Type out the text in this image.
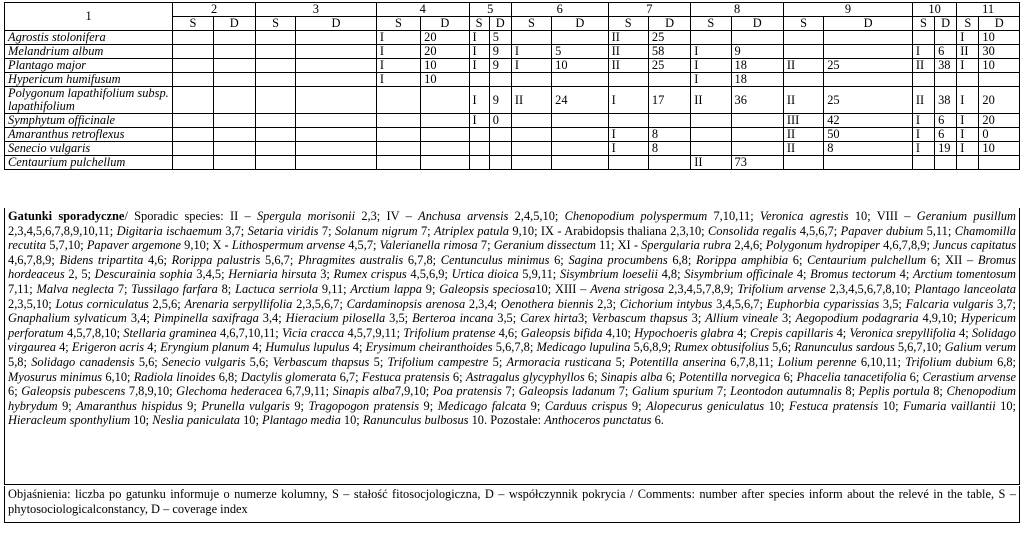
1	2		3		4		5		6		7		8		9		10		11	
	S	D	S	D	S	D	S	D	S	D	S	D	S	D	S	D	S	D	S	D
Agrostis stolonifera					I	20	I	5			II	25							I	10
Melandrium album					I	20	I	9	I	5	II	58	I	9			I	6	II	30
Plantago major					I	10	I	9	I	10	II	25	I	18	II	25	II	38	I	10
Hypericum humifusum					I	10							I	18						
Polygonum lapathifolium subsp. lapathifolium							I	9	II	24	I	17	II	36	II	25	II	38	I	20
Symphytum officinale							I	0							III	42	I	6	I	20
Amaranthus retroflexus											I	8			II	50	I	6	I	0
Senecio vulgaris											I	8			II	8	I	19	I	10
Centaurium pulchellum													II	73						
Gatunki sporadyczne/ Sporadic species: II – Spergula morisonii 2,3; IV – Anchusa arvensis 2,4,5,10; Chenopodium polyspermum 7,10,11; Veronica agrestis 10; VIII – Geranium pusillum 2,3,4,5,6,7,8,9,10,11; Digitaria ischaemum 3,7; Setaria viridis 7; Solanum nigrum 7; Atriplex patula 9,10; IX - Arabidopsis thaliana 2,3,10; Consolida regalis 4,5,6,7; Papaver dubium 5,11; Chamomilla recutita 5,7,10; Papaver argemone 9,10; X - Lithospermum arvense 4,5,7; Valerianella rimosa 7; Geranium dissectum 11; XI - Spergularia rubra 2,4,6; Polygonum hydropiper 4,6,7,8,9; Juncus capitatus 4,6,7,8,9; Bidens tripartita 4,6; Rorippa palustris 5,6,7; Phragmites australis 6,7,8; Centunculus minimus 6; Sagina procumbens 6,8; Rorippa amphibia 6; Centaurium pulchellum 6; XII – Bromus hordeaceus 2, 5; Descurainia sophia 3,4,5; Herniaria hirsuta 3; Rumex crispus 4,5,6,9; Urtica dioica 5,9,11; Sisymbrium loeselii 4,8; Sisymbrium officinale 4; Bromus tectorum 4; Arctium tomentosum 7,11; Malva neglecta 7; Tussilago farfara 8; Lactuca serriola 9,11; Arctium lappa 9; Galeopsis speciosa10; XIII – Avena strigosa 2,3,4,5,7,8,9; Trifolium arvense 2,3,4,5,6,7,8,10; Plantago lanceolata 2,3,5,10; Lotus corniculatus 2,5,6; Arenaria serpyllifolia 2,3,5,6,7; Cardaminopsis arenosa 2,3,4; Oenothera biennis 2,3; Cichorium intybus 3,4,5,6,7; Euphorbia cyparissias 3,5; Falcaria vulgaris 3,7; Gnaphalium sylvaticum 3,4; Pimpinella saxifraga 3,4; Hieracium pilosella 3,5; Berteroa incana 3,5; Carex hirta3; Verbascum thapsus 3; Allium vineale 3; Aegopodium podagraria 4,9,10; Hypericum perforatum 4,5,7,8,10; Stellaria graminea 4,6,7,10,11; Vicia cracca 4,5,7,9,11; Trifolium pratense 4,6; Galeopsis bifida 4,10; Hypochoeris glabra 4; Crepis capillaris 4; Veronica srepyllifolia 4; Solidago virgaurea 4; Erigeron acris 4; Eryngium planum 4; Humulus lupulus 4; Erysimum cheiranthoides 5,6,7,8; Medicago lupulina 5,6,8,9; Rumex obtusifolius 5,6; Ranunculus sardous 5,6,7,10; Galium verum 5,8; Solidago canadensis 5,6; Senecio vulgaris 5,6; Verbascum thapsus 5; Trifolium campestre 5; Armoracia rusticana 5; Potentilla anserina 6,7,8,11; Lolium perenne 6,10,11; Trifolium dubium 6,8; Myosurus minimus 6,10; Radiola linoides 6,8; Dactylis glomerata 6,7; Festuca pratensis 6; Astragalus glycyphyllos 6; Sinapis alba 6; Potentilla norvegica 6; Phacelia tanacetifolia 6; Cerastium arvense 6; Galeopsis pubescens 7,8,9,10; Glechoma hederacea 6,7,9,11; Sinapis alba7,9,10; Poa pratensis 7; Galeopsis ladanum 7; Galium spurium 7; Leontodon autumnalis 8; Peplis portula 8; Chenopodium hybrydum 9; Amaranthus hispidus 9; Prunella vulgaris 9; Tragopogon pratensis 9; Medicago falcata 9; Carduus crispus 9; Alopecurus geniculatus 10; Festuca pratensis 10; Fumaria vaillantii 10; Hieracleum sponthylium 10; Neslia paniculata 10; Plantago media 10; Ranunculus bulbosus 10. Pozostałe: Anthoceros punctatus 6.
Objaśnienia: liczba po gatunku informuje o numerze kolumny, S – stałość fitosocjologiczna, D – współczynnik pokrycia / Comments: number after species inform about the relevé in the table, S – phytosociologicalconstancy, D – coverage index
